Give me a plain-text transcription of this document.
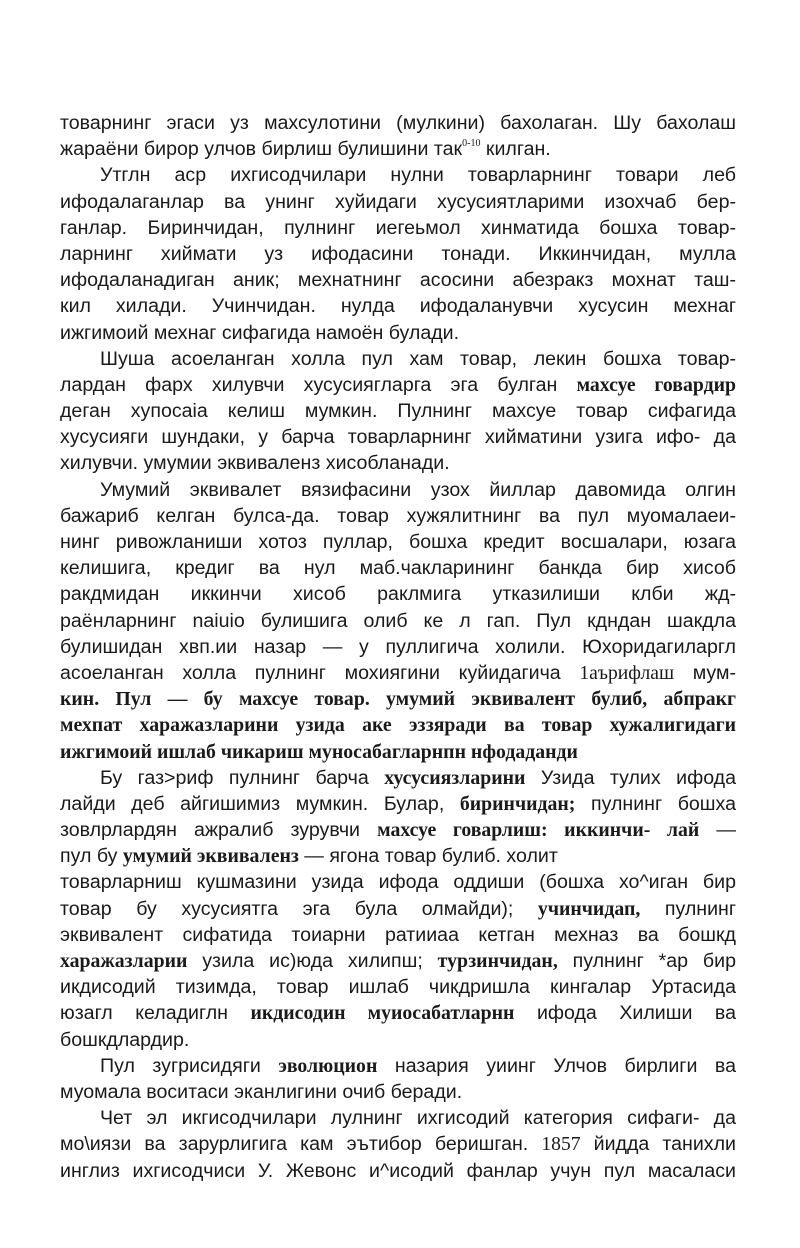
товарнинг эгаси уз махсулотини (мулкини) бахолаган. Шу бахолаш
жараёни бирор улчов бирлиш булишини так$^{0-10}$ килган.
Утглн аср ихгисодчилари нулни товарларнинг товари леб
ифодалаганлар ва унинг хуйидаги хусусиятларими изохчаб бер-
ганлар. Биринчидан, пулнинг иегеьмол хинматида бошха товар-
ларнинг хиймати уз ифодасини тонади. Иккинчидан, мулла
ифодаланадиган аник; мехнатнинг асосини абезракз мохнат таш-
кил хилади. Учинчидан. нулда ифодаланувчи хусусин мехнаг
ижгимоий мехнаг сифагида намоён булади.
Шуша асоеланган холла пул хам товар, лекин бошха товар-
лардан фарх хилувчи хусусиягларга эга булган махсуе говардир
деган хупосаiа келиш мумкин. Пулнинг махсуе товар сифагида
хусусияги шундаки, у барча товарларнинг хийматини узига ифо- да
хилувчи. умумии эквиваленз хисобланади.
Умумий эквивалет вязифасини узох йиллар давомида олгин
бажариб келган булса-да. товар хужялитнинг ва пул муомалаеи-
нинг ривожланиши хотоз пуллар, бошха кредит восшалари, юзага
келишига, кредиг ва нул маб.чакларининг банкда бир хисоб
ракдмидан иккинчи хисоб раклмига утказилиши клби жд-
раёнларнинг naiuio булишига олиб ке л гап. Пул кдндан шакдла
булишидан хвп.ии назар — у пуллигича холили. Юхоридагиларгл
асоеланган холла пулнинг мохиягини куйидагича 1аърифлаш мум-
кин. Пул — бу махсуе товар. умумий эквивалент булиб, абпракг
мехпат харажазларини узида аке эззяради ва товар хужалигидаги
ижгимоий ишлаб чикариш муносабагларнпн нфодаданди
Бу газ>риф пулнинг барча хусусиязларини Узида тулих ифода
лайди деб айгишимиз мумкин. Булар, биринчидан; пулнинг бошха
зовлрлардян ажралиб зурувчи махсуе говарлиш: иккинчи- лай —
пул бу умумий эквиваленз — ягона товар булиб. холит
товарларниш кушмазини узида ифода оддиши (бошха хо^иган бир
товар бу хусусиятга эга була олмайди); учинчидап, пулнинг
эквивалент сифатида тоиарни ратииаа кетган мехназ ва бошкд
харажазларии узила ис)юда хилипш; турзинчидан, пулнинг *ар бир
икдисодий тизимда, товар ишлаб чикдришла кингалар Уртасида
юзагл келадиглн икдисодин муиосабатларнн ифода Хилиши ва
бошкдлардир.
Пул зугрисидяги эволюцион назария уиинг Улчов бирлиги ва
муомала воситаси эканлигини очиб беради.
Чет эл икгисодчилари лулнинг ихгисодий категория сифаги- да
мо\иязи ва зарурлигига кам эътибор беришган. 1857 йидда танихли
инглиз ихгисодчиси У. Жевонс и^исодий фанлар учун пул масаласи
